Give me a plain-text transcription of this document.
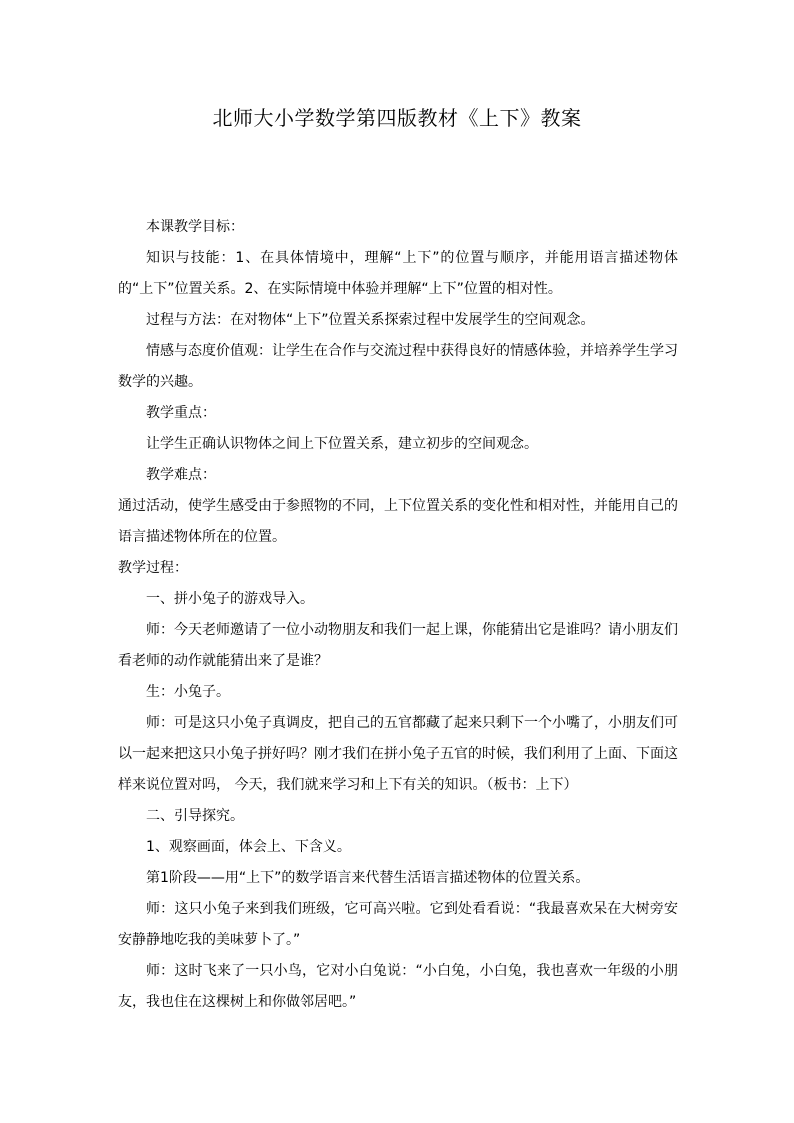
北师大小学数学第四版教材《上下》教案

本课教学目标：

知识与技能：1、在具体情境中，理解“上下”的位置与顺序，并能用语言描述物体的“上下”位置关系。2、在实际情境中体验并理解“上下”位置的相对性。

过程与方法：在对物体“上下”位置关系探索过程中发展学生的空间观念。

情感与态度价值观：让学生在合作与交流过程中获得良好的情感体验，并培养学生学习数学的兴趣。

教学重点：

让学生正确认识物体之间上下位置关系，建立初步的空间观念。

教学难点：

通过活动，使学生感受由于参照物的不同，上下位置关系的变化性和相对性，并能用自己的语言描述物体所在的位置。

教学过程：

一、拼小兔子的游戏导入。

师：今天老师邀请了一位小动物朋友和我们一起上课，你能猜出它是谁吗？请小朋友们看老师的动作就能猜出来了是谁？

生：小兔子。

师：可是这只小兔子真调皮，把自己的五官都藏了起来只剩下一个小嘴了，小朋友们可以一起来把这只小兔子拼好吗？刚才我们在拼小兔子五官的时候，我们利用了上面、下面这样来说位置对吗， 今天，我们就来学习和上下有关的知识。（板书：上下）

二、引导探究。

1、观察画面，体会上、下含义。

第1阶段——用“上下”的数学语言来代替生活语言描述物体的位置关系。

师：这只小兔子来到我们班级，它可高兴啦。它到处看看说：“我最喜欢呆在大树旁安安静静地吃我的美味萝卜了。”

师：这时飞来了一只小鸟，它对小白兔说：“小白兔，小白兔，我也喜欢一年级的小朋友，我也住在这棵树上和你做邻居吧。”
